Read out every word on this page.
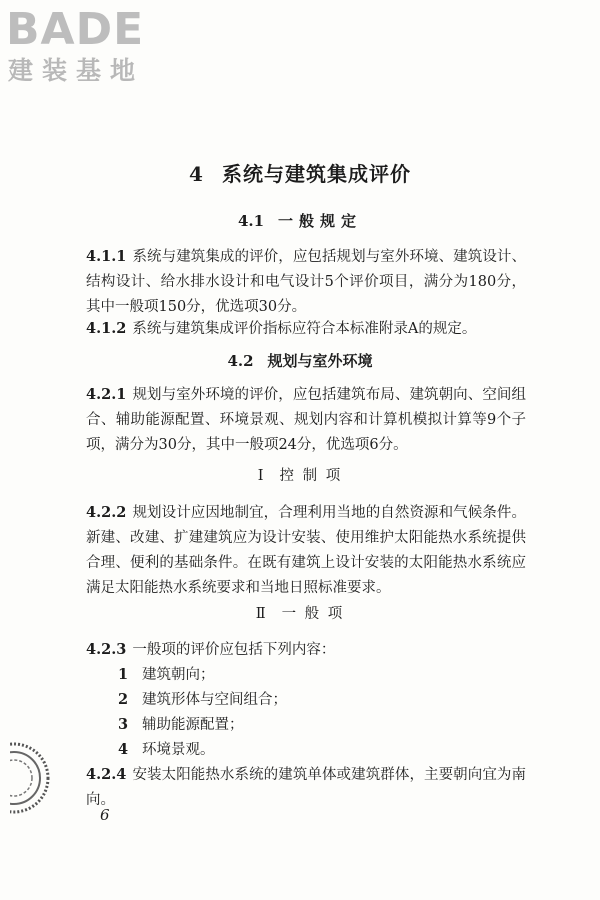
BADE
建装基地
4 系统与建筑集成评价
4.1 一般规定

4.1.1 系统与建筑集成的评价，应包括规划与室外环境、建筑设计、结构设计、给水排水设计和电气设计5个评价项目，满分为180分，其中一般项150分，优选项30分。

4.1.2 系统与建筑集成评价指标应符合本标准附录A的规定。

4.2 规划与室外环境

4.2.1 规划与室外环境的评价，应包括建筑布局、建筑朝向、空间组合、辅助能源配置、环境景观、规划内容和计算机模拟计算等9个子项，满分为30分，其中一般项24分，优选项6分。

Ⅰ 控 制 项

4.2.2 规划设计应因地制宜，合理利用当地的自然资源和气候条件。新建、改建、扩建建筑应为设计安装、使用维护太阳能热水系统提供合理、便利的基础条件。在既有建筑上设计安装的太阳能热水系统应满足太阳能热水系统要求和当地日照标准要求。

Ⅱ 一 般 项

4.2.3 一般项的评价应包括下列内容：

1 建筑朝向；
2 建筑形体与空间组合；
3 辅助能源配置；
4 环境景观。

4.2.4 安装太阳能热水系统的建筑单体或建筑群体，主要朝向宜为南向。

6
